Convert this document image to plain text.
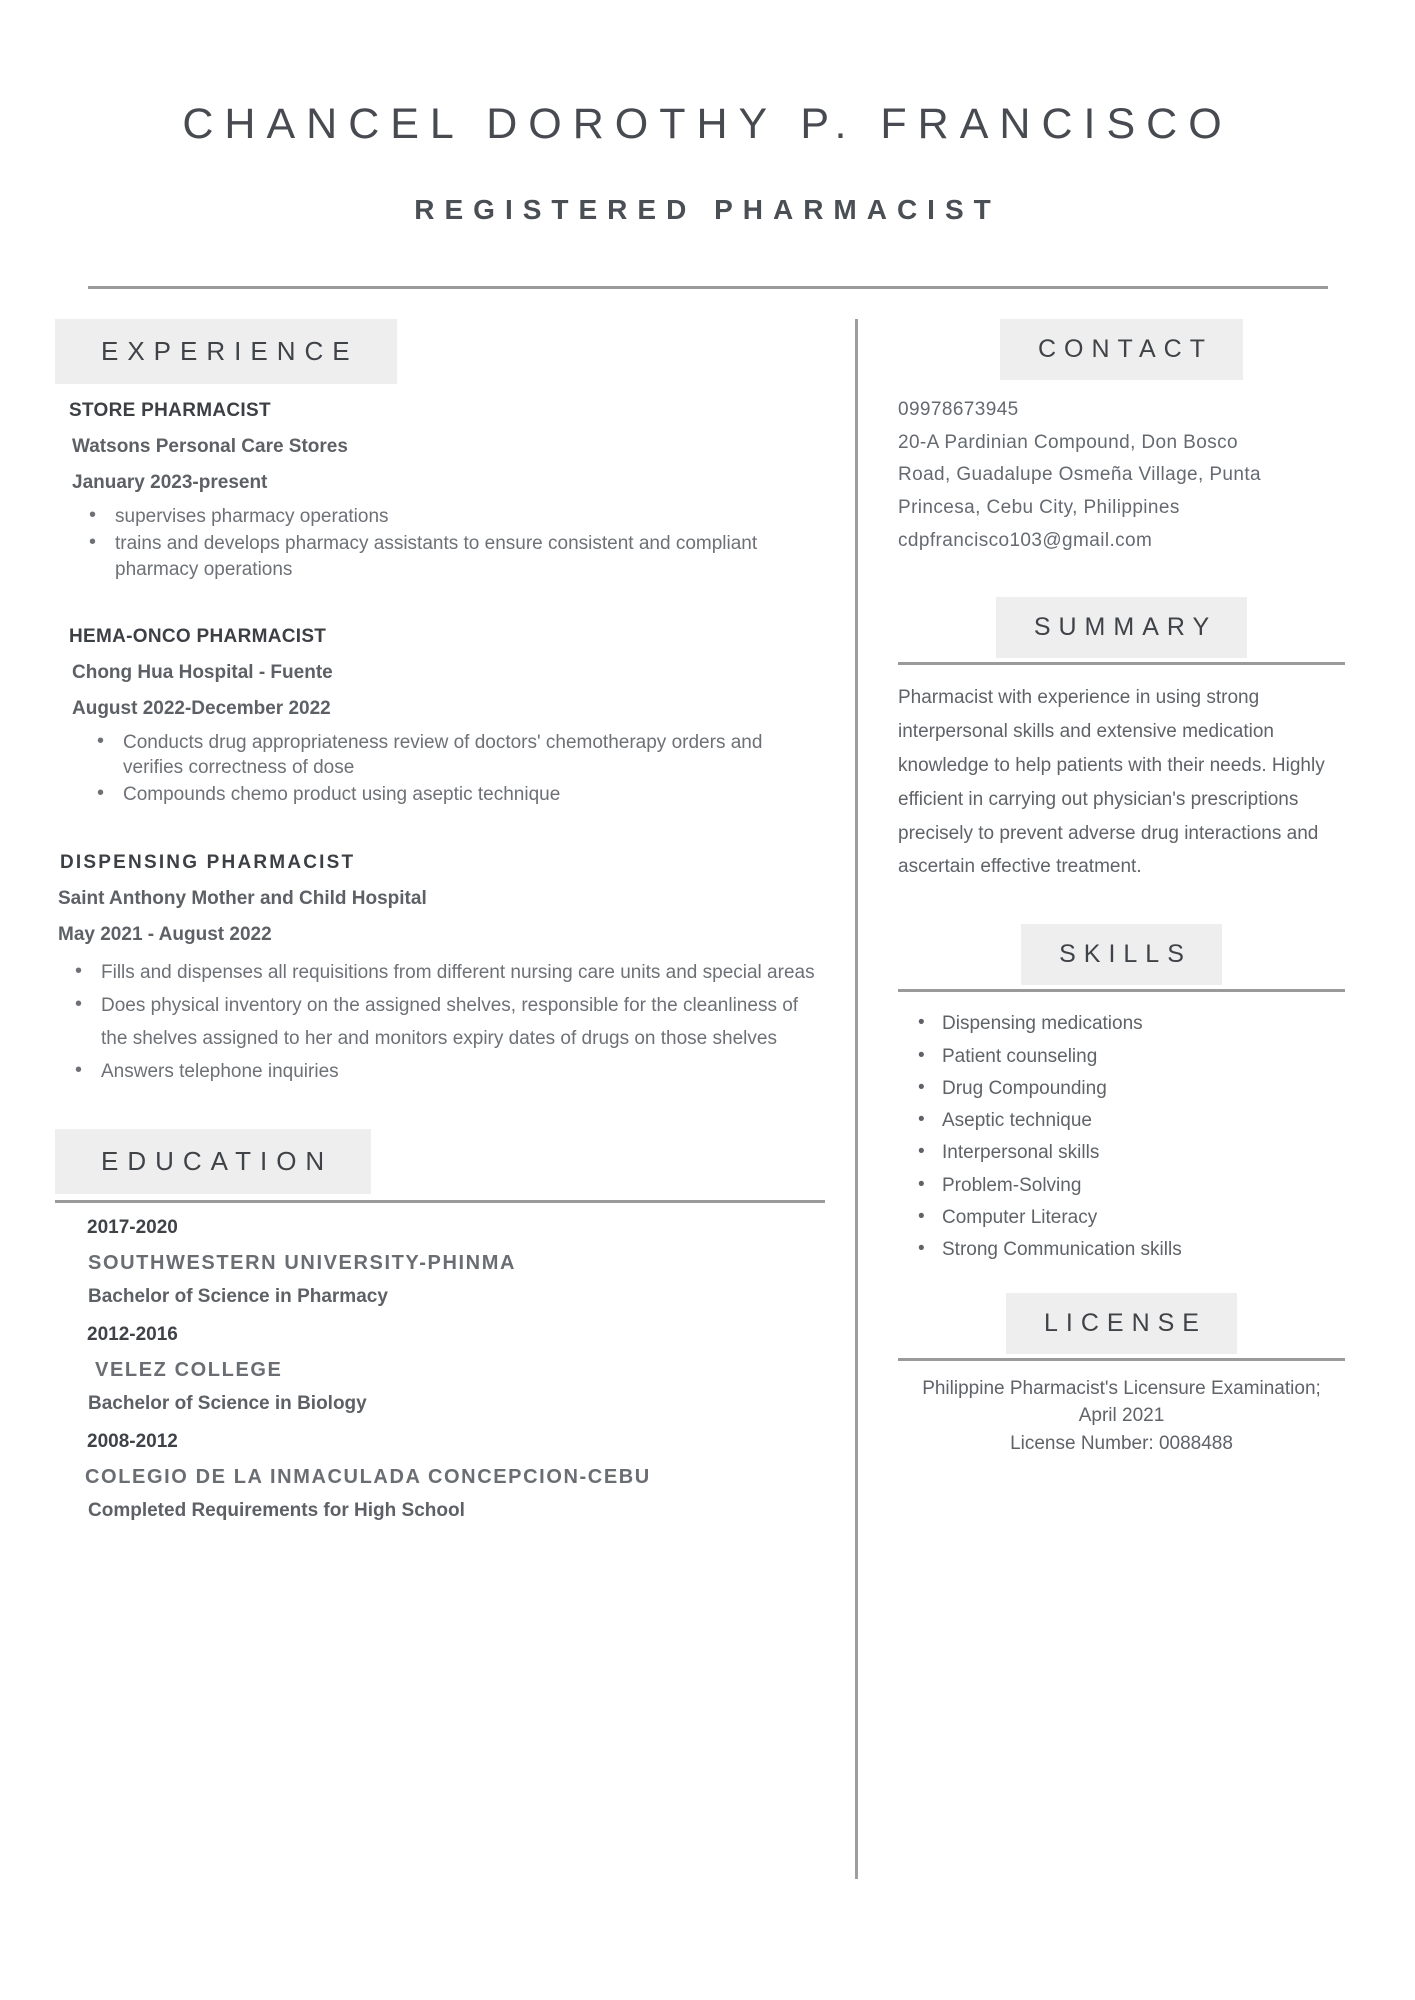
CHANCEL DOROTHY P. FRANCISCO
REGISTERED PHARMACIST
EXPERIENCE
STORE PHARMACIST
Watsons Personal Care Stores
January 2023-present
• supervises pharmacy operations
• trains and develops pharmacy assistants to ensure consistent and compliant pharmacy operations
HEMA-ONCO PHARMACIST
Chong Hua Hospital - Fuente
August 2022-December 2022
• Conducts drug appropriateness review of doctors' chemotherapy orders and verifies correctness of dose
• Compounds chemo product using aseptic technique
DISPENSING PHARMACIST
Saint Anthony Mother and Child Hospital
May 2021 - August 2022
• Fills and dispenses all requisitions from different nursing care units and special areas
• Does physical inventory on the assigned shelves, responsible for the cleanliness of the shelves assigned to her and monitors expiry dates of drugs on those shelves
• Answers telephone inquiries
EDUCATION
2017-2020
SOUTHWESTERN UNIVERSITY-PHINMA
Bachelor of Science in Pharmacy
2012-2016
VELEZ COLLEGE
Bachelor of Science in Biology
2008-2012
COLEGIO DE LA INMACULADA CONCEPCION-CEBU
Completed Requirements for High School
CONTACT
09978673945
20-A Pardinian Compound, Don Bosco
Road, Guadalupe Osmeña Village, Punta
Princesa, Cebu City, Philippines
cdpfrancisco103@gmail.com
SUMMARY
Pharmacist with experience in using strong interpersonal skills and extensive medication knowledge to help patients with their needs. Highly efficient in carrying out physician's prescriptions precisely to prevent adverse drug interactions and ascertain effective treatment.
SKILLS
• Dispensing medications
• Patient counseling
• Drug Compounding
• Aseptic technique
• Interpersonal skills
• Problem-Solving
• Computer Literacy
• Strong Communication skills
LICENSE
Philippine Pharmacist's Licensure Examination;
April 2021
License Number: 0088488
